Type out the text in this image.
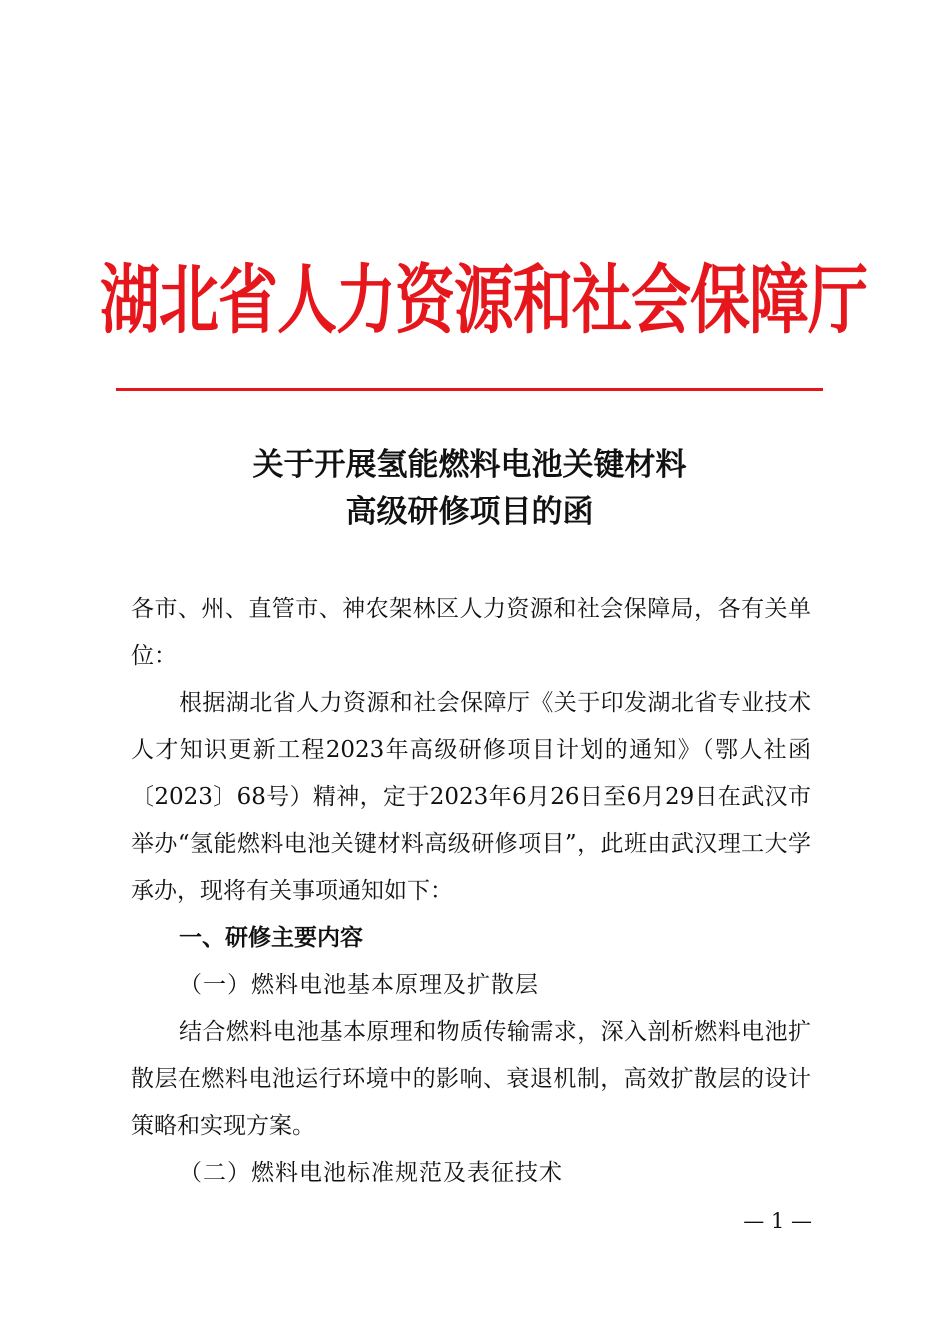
湖北省人力资源和社会保障厅
关于开展氢能燃料电池关键材料
高级研修项目的函

各市、州、直管市、神农架林区人力资源和社会保障局，各有关单位：

根据湖北省人力资源和社会保障厅《关于印发湖北省专业技术人才知识更新工程2023年高级研修项目计划的通知》（鄂人社函〔2023〕68号）精神，定于2023年6月26日至6月29日在武汉市举办“氢能燃料电池关键材料高级研修项目”，此班由武汉理工大学承办，现将有关事项通知如下：

一、研修主要内容

（一）燃料电池基本原理及扩散层

结合燃料电池基本原理和物质传输需求，深入剖析燃料电池扩散层在燃料电池运行环境中的影响、衰退机制，高效扩散层的设计策略和实现方案。

（二）燃料电池标准规范及表征技术

— 1 —
